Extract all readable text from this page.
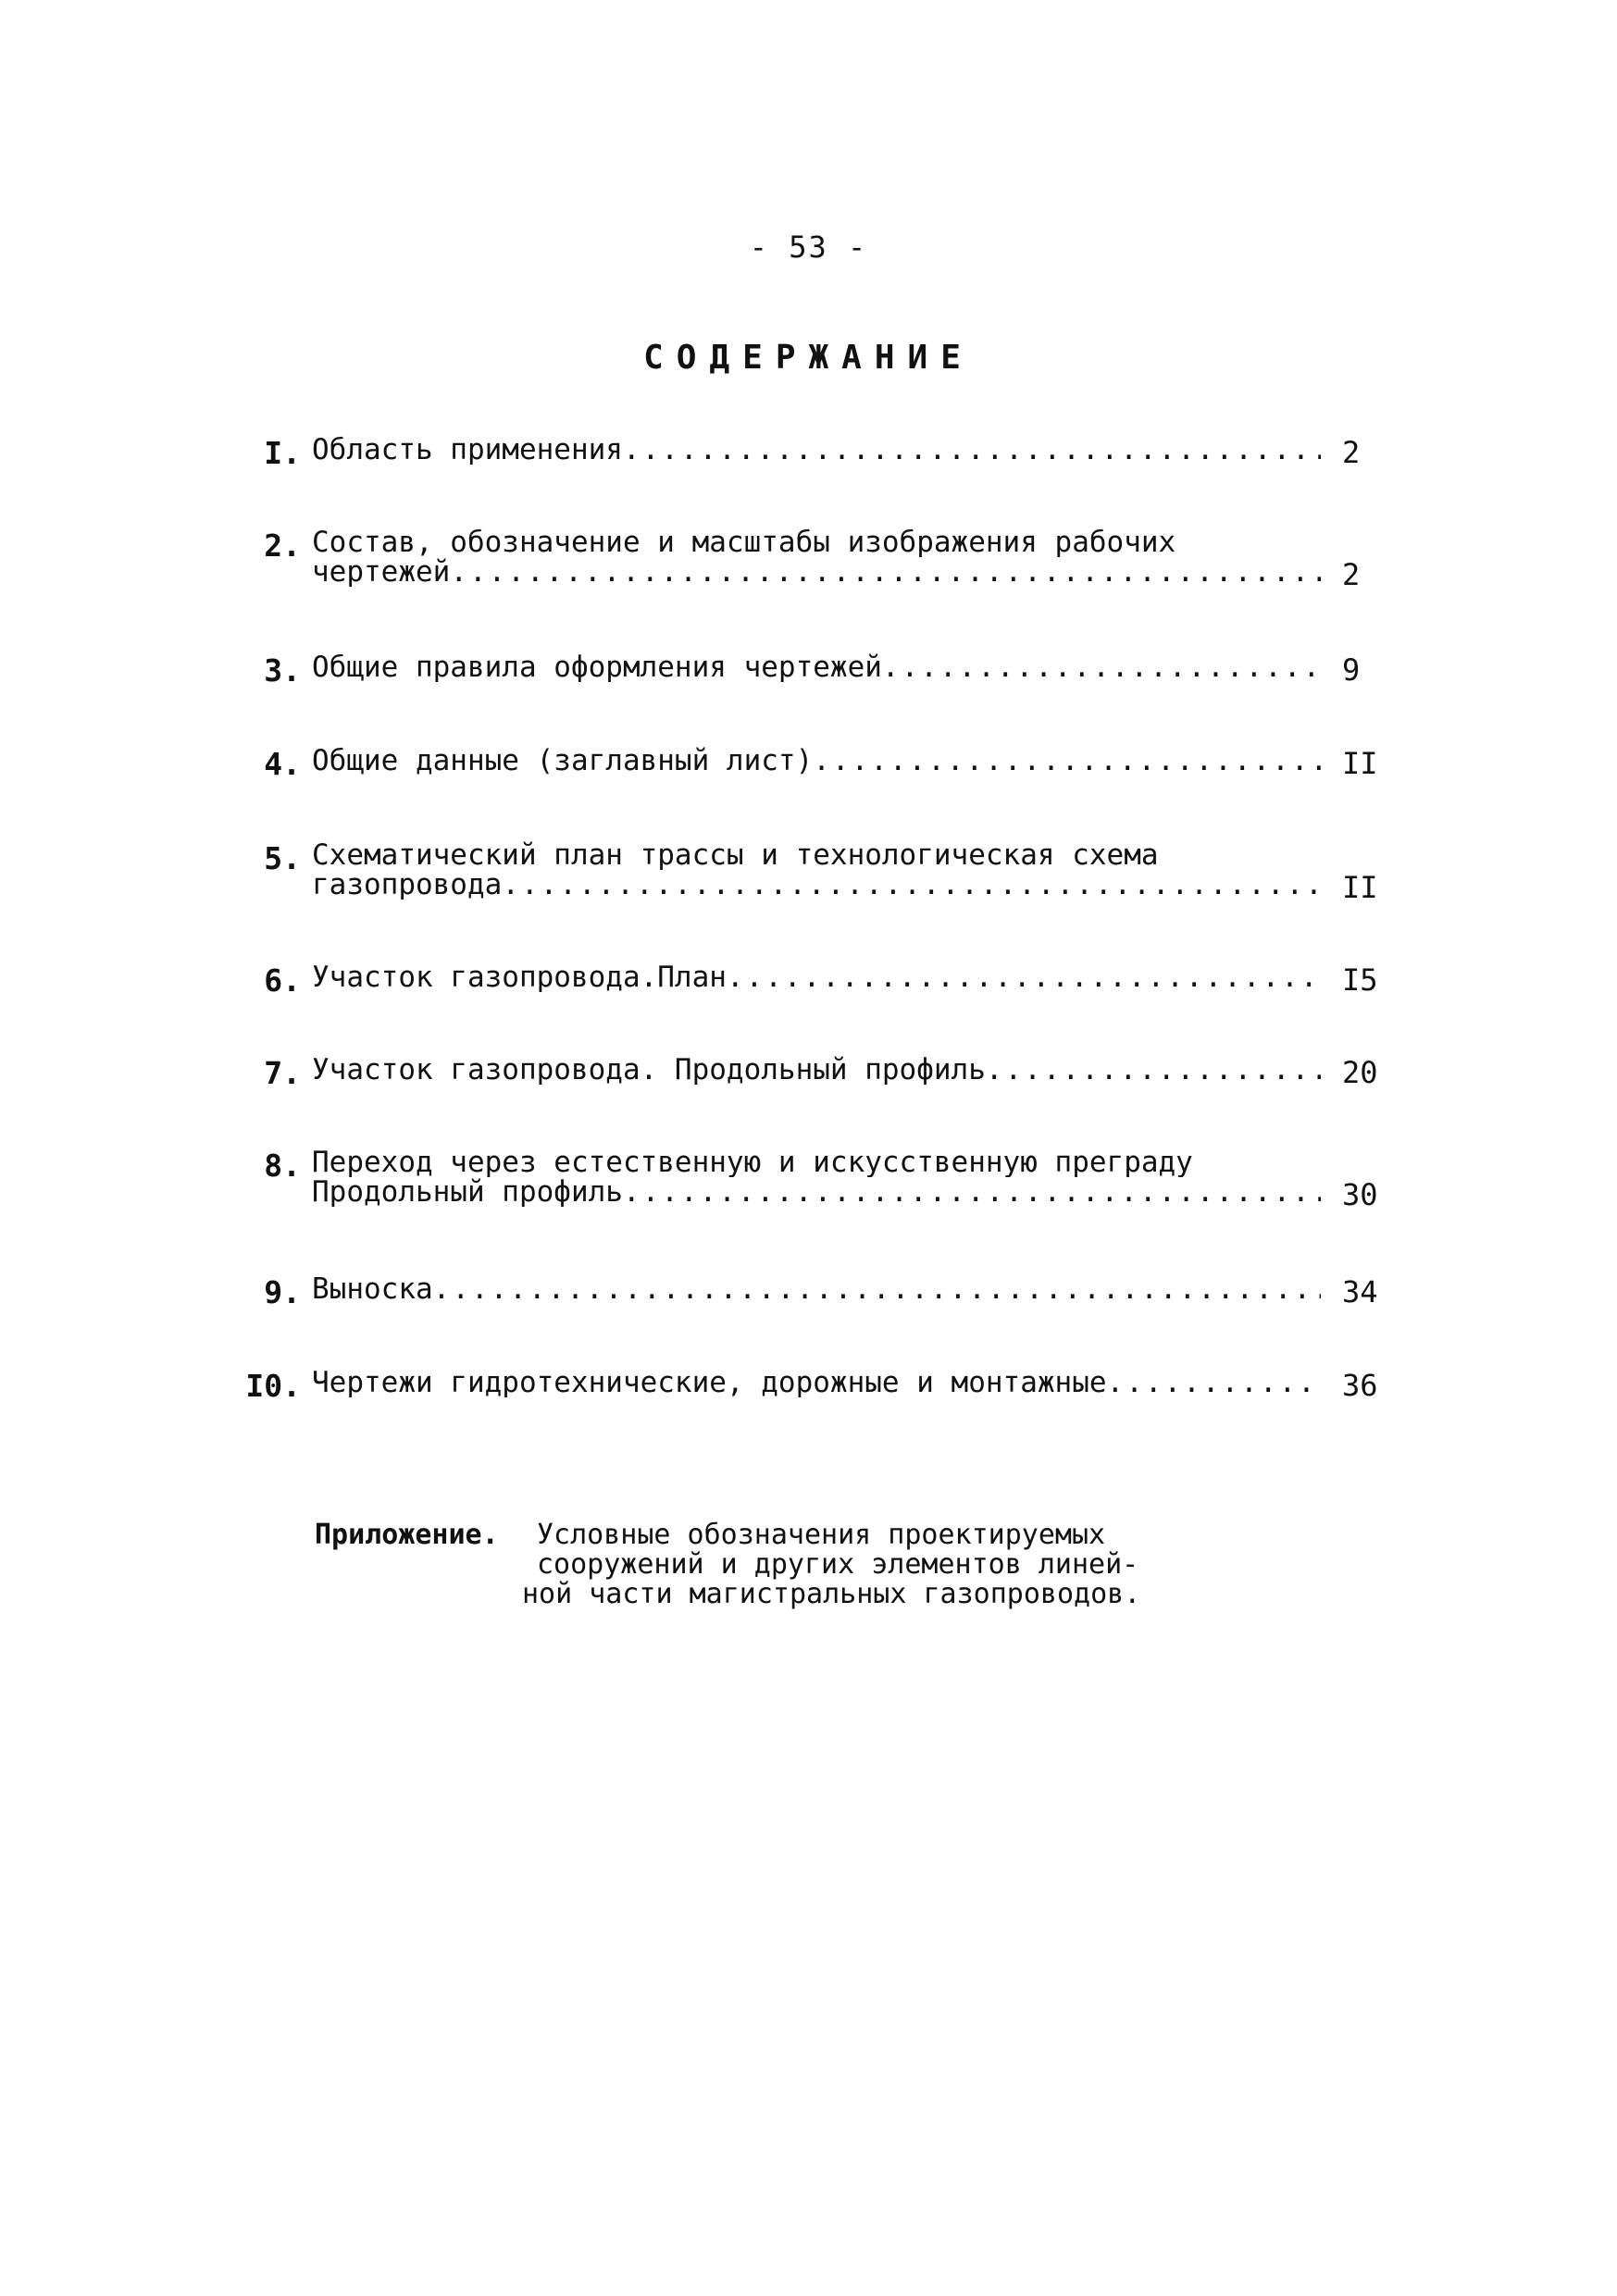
- 53 -
СОДЕРЖАНИЕ
I. Область применения .....	2
2. Состав, обозначение и масштабы изображения рабочих
чертежей .....	2
3. Общие правила оформления чертежей .....	9
4. Общие данные (заглавный лист) .....	II
5. Схематический план трассы и технологическая схема
газопровода .....	II
6. Участок газопровода.План .....	I5
7. Участок газопровода. Продольный профиль .....	20
8. Переход через естественную и искусственную преграду
Продольный профиль .....	30
9. Выноска .....	34
I0. Чертежи гидротехнические, дорожные и монтажные .....	36
Приложение. Условные обозначения проектируемых
сооружений и других элементов линей-
ной части магистральных газопроводов.
